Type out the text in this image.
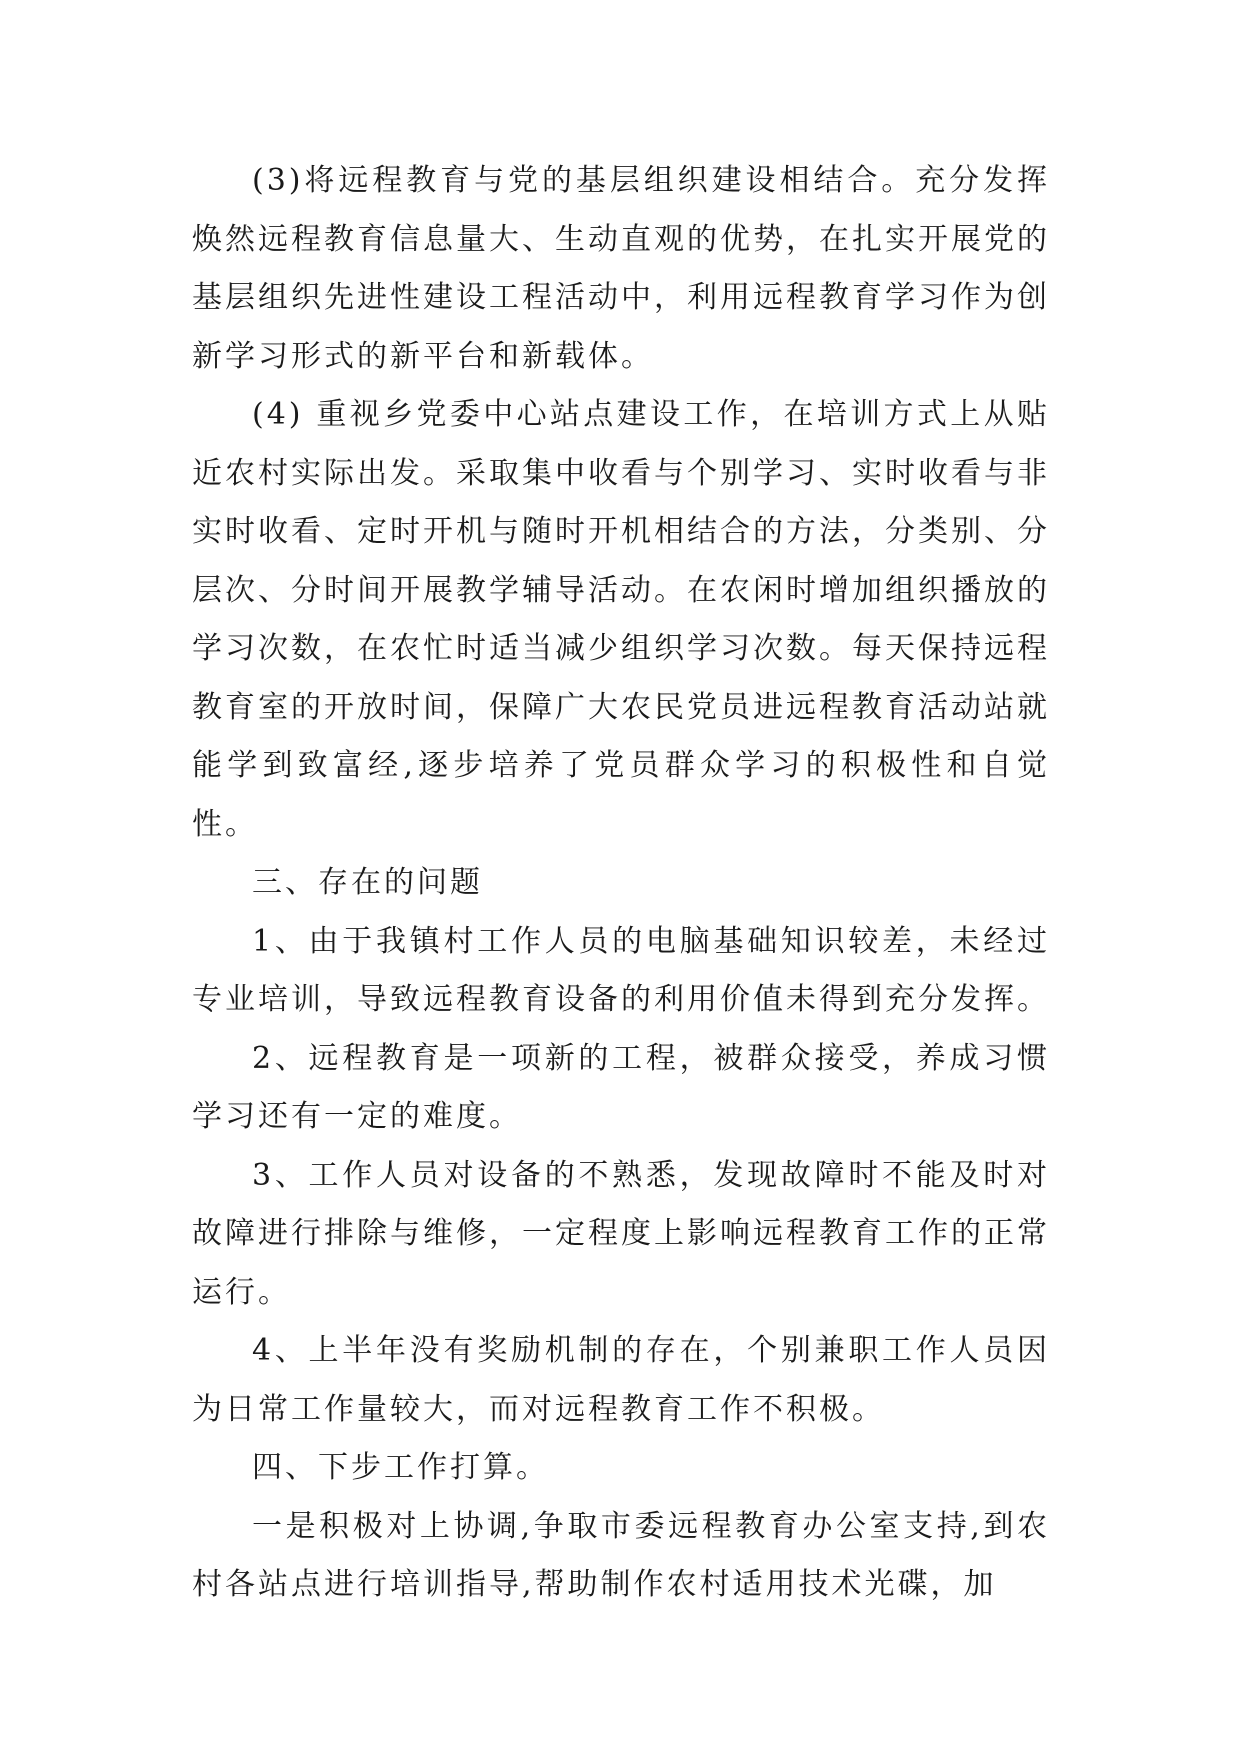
(3)将远程教育与党的基层组织建设相结合。充分发挥焕然远程教育信息量大、生动直观的优势，在扎实开展党的基层组织先进性建设工程活动中，利用远程教育学习作为创新学习形式的新平台和新载体。

(4) 重视乡党委中心站点建设工作，在培训方式上从贴近农村实际出发。采取集中收看与个别学习、实时收看与非实时收看、定时开机与随时开机相结合的方法，分类别、分层次、分时间开展教学辅导活动。在农闲时增加组织播放的学习次数，在农忙时适当减少组织学习次数。每天保持远程教育室的开放时间，保障广大农民党员进远程教育活动站就能学到致富经,逐步培养了党员群众学习的积极性和自觉性。

三、存在的问题

1、由于我镇村工作人员的电脑基础知识较差，未经过专业培训，导致远程教育设备的利用价值未得到充分发挥。

2、远程教育是一项新的工程，被群众接受，养成习惯学习还有一定的难度。

3、工作人员对设备的不熟悉，发现故障时不能及时对故障进行排除与维修，一定程度上影响远程教育工作的正常运行。

4、上半年没有奖励机制的存在，个别兼职工作人员因为日常工作量较大，而对远程教育工作不积极。

四、下步工作打算。

一是积极对上协调,争取市委远程教育办公室支持,到农村各站点进行培训指导,帮助制作农村适用技术光碟，加
